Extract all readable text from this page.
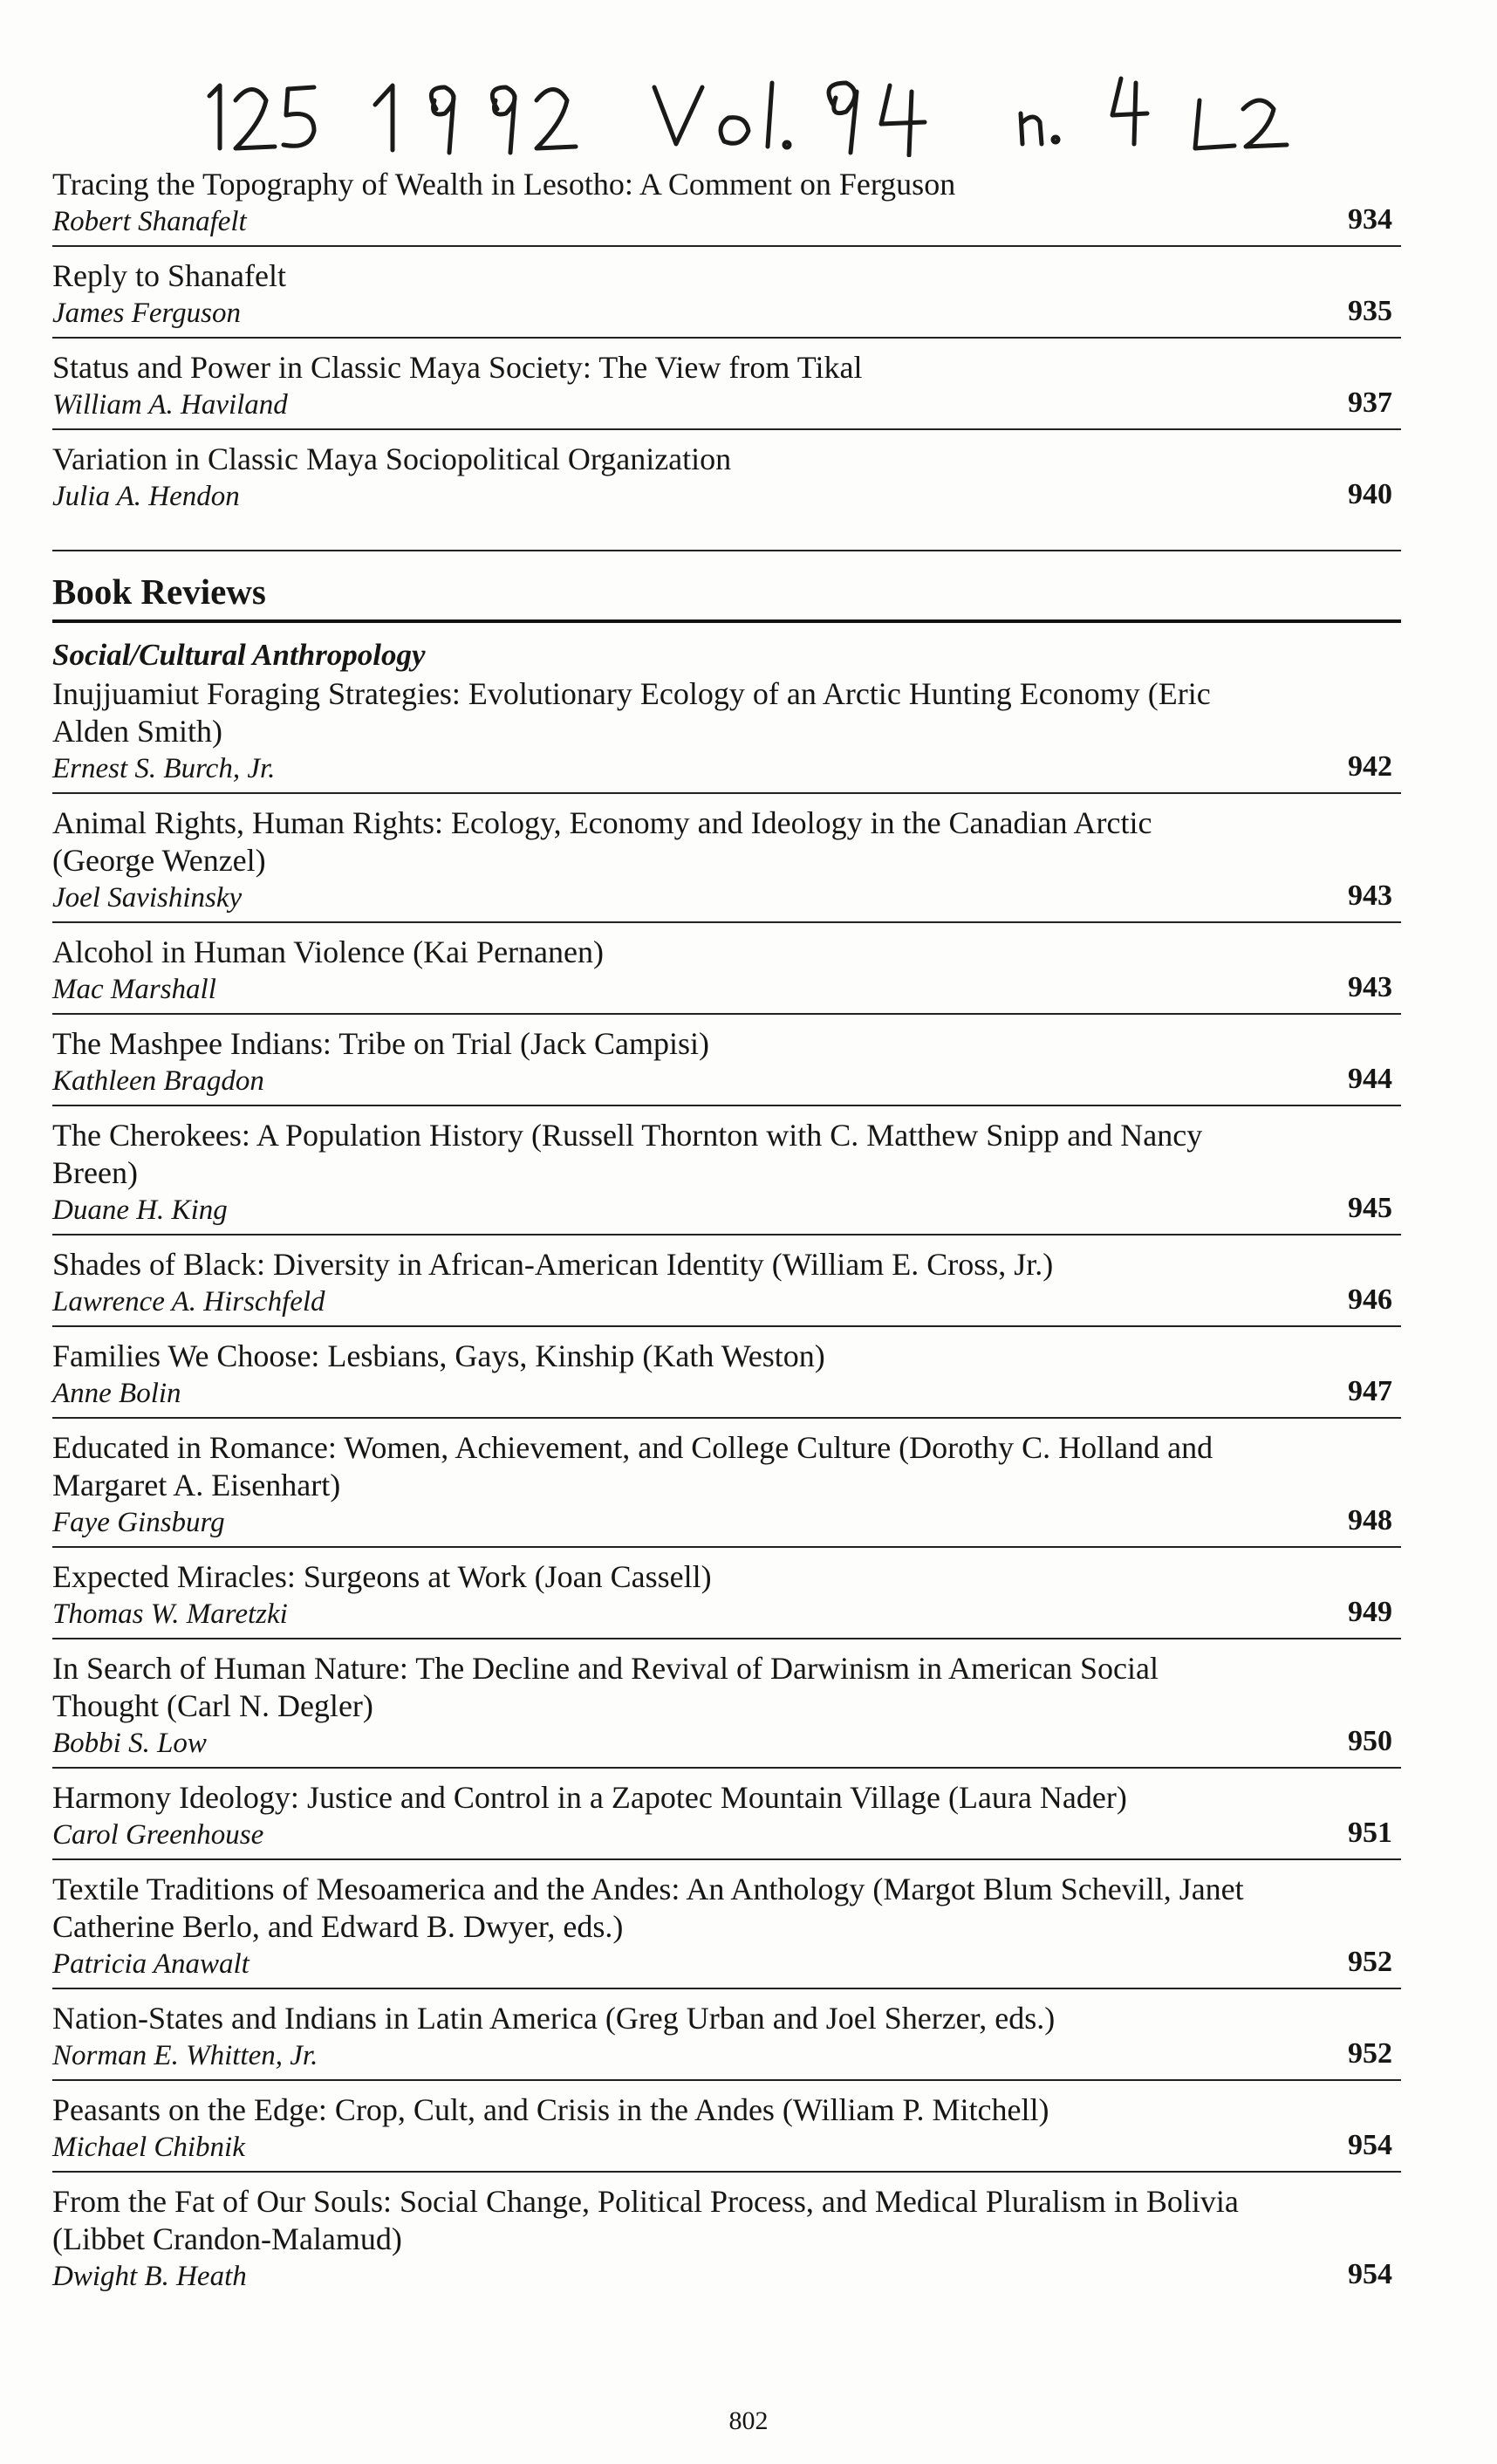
Tracing the Topography of Wealth in Lesotho: A Comment on Ferguson
Robert Shanafelt	934
Reply to Shanafelt
James Ferguson	935
Status and Power in Classic Maya Society: The View from Tikal
William A. Haviland	937
Variation in Classic Maya Sociopolitical Organization
Julia A. Hendon	940
Book Reviews
Social/Cultural Anthropology
Inujjuamiut Foraging Strategies: Evolutionary Ecology of an Arctic Hunting Economy (Eric Alden Smith)
Ernest S. Burch, Jr.	942
Animal Rights, Human Rights: Ecology, Economy and Ideology in the Canadian Arctic (George Wenzel)
Joel Savishinsky	943
Alcohol in Human Violence (Kai Pernanen)
Mac Marshall	943
The Mashpee Indians: Tribe on Trial (Jack Campisi)
Kathleen Bragdon	944
The Cherokees: A Population History (Russell Thornton with C. Matthew Snipp and Nancy Breen)
Duane H. King	945
Shades of Black: Diversity in African-American Identity (William E. Cross, Jr.)
Lawrence A. Hirschfeld	946
Families We Choose: Lesbians, Gays, Kinship (Kath Weston)
Anne Bolin	947
Educated in Romance: Women, Achievement, and College Culture (Dorothy C. Holland and Margaret A. Eisenhart)
Faye Ginsburg	948
Expected Miracles: Surgeons at Work (Joan Cassell)
Thomas W. Maretzki	949
In Search of Human Nature: The Decline and Revival of Darwinism in American Social Thought (Carl N. Degler)
Bobbi S. Low	950
Harmony Ideology: Justice and Control in a Zapotec Mountain Village (Laura Nader)
Carol Greenhouse	951
Textile Traditions of Mesoamerica and the Andes: An Anthology (Margot Blum Schevill, Janet Catherine Berlo, and Edward B. Dwyer, eds.)
Patricia Anawalt	952
Nation-States and Indians in Latin America (Greg Urban and Joel Sherzer, eds.)
Norman E. Whitten, Jr.	952
Peasants on the Edge: Crop, Cult, and Crisis in the Andes (William P. Mitchell)
Michael Chibnik	954
From the Fat of Our Souls: Social Change, Political Process, and Medical Pluralism in Bolivia (Libbet Crandon-Malamud)
Dwight B. Heath	954
802
